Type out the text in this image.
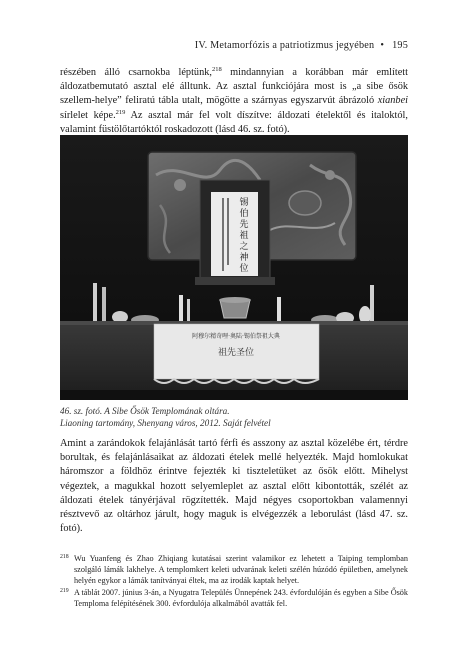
IV. Metamorfózis a patriotizmus jegyében • 195
részében álló csarnokba léptünk,$^{218}$ mindannyian a korábban már említett áldozatbemutató asztal elé álltunk. Az asztal funkciójára most is „a sibe ősök szellem-helye” feliratú tábla utalt, mögötte a szárnyas egyszarvút ábrázoló xianbei sírlelet képe.$^{219}$ Az asztal már fel volt díszítve: áldozati ételektől és italoktól, valamint füstölőtartóktól roskadozott (lásd 46. sz. fotó).
锡
伯
先
祖
之
神
位
阿穆尔精奇哩·奥陆·锡伯祭祖大典
祖先圣位
46. sz. fotó. A Sibe Ősök Templomának oltára.
Liaoning tartomány, Shenyang város, 2012. Saját felvétel
Amint a zarándokok felajánlását tartó férfi és asszony az asztal közelébe ért, térdre borultak, és felajánlásaikat az áldozati ételek mellé helyezték. Majd homlokukat háromszor a földhöz érintve fejezték ki tiszteletüket az ősök előtt. Mihelyst végeztek, a magukkal hozott selyemleplet az asztal előtt kibontották, szélét az áldozati ételek tányérjával rögzítették. Majd négyes csoportokban valamennyi résztvevő az oltárhoz járult, hogy maguk is elvégezzék a leborulást (lásd 47. sz. fotó).

218 Wu Yuanfeng és Zhao Zhiqiang kutatásai szerint valamikor ez lehetett a Taiping templomban szolgáló lámák lakhelye. A templomkert keleti udvarának keleti szélén húzódó épületben, amelynek helyén egykor a lámák tanítványai éltek, ma az irodák kaptak helyet.

219 A táblát 2007. június 3-án, a Nyugatra Település Ünnepének 243. évfordulóján és egyben a Sibe Ősök Temploma felépítésének 300. évfordulója alkalmából avatták fel.
